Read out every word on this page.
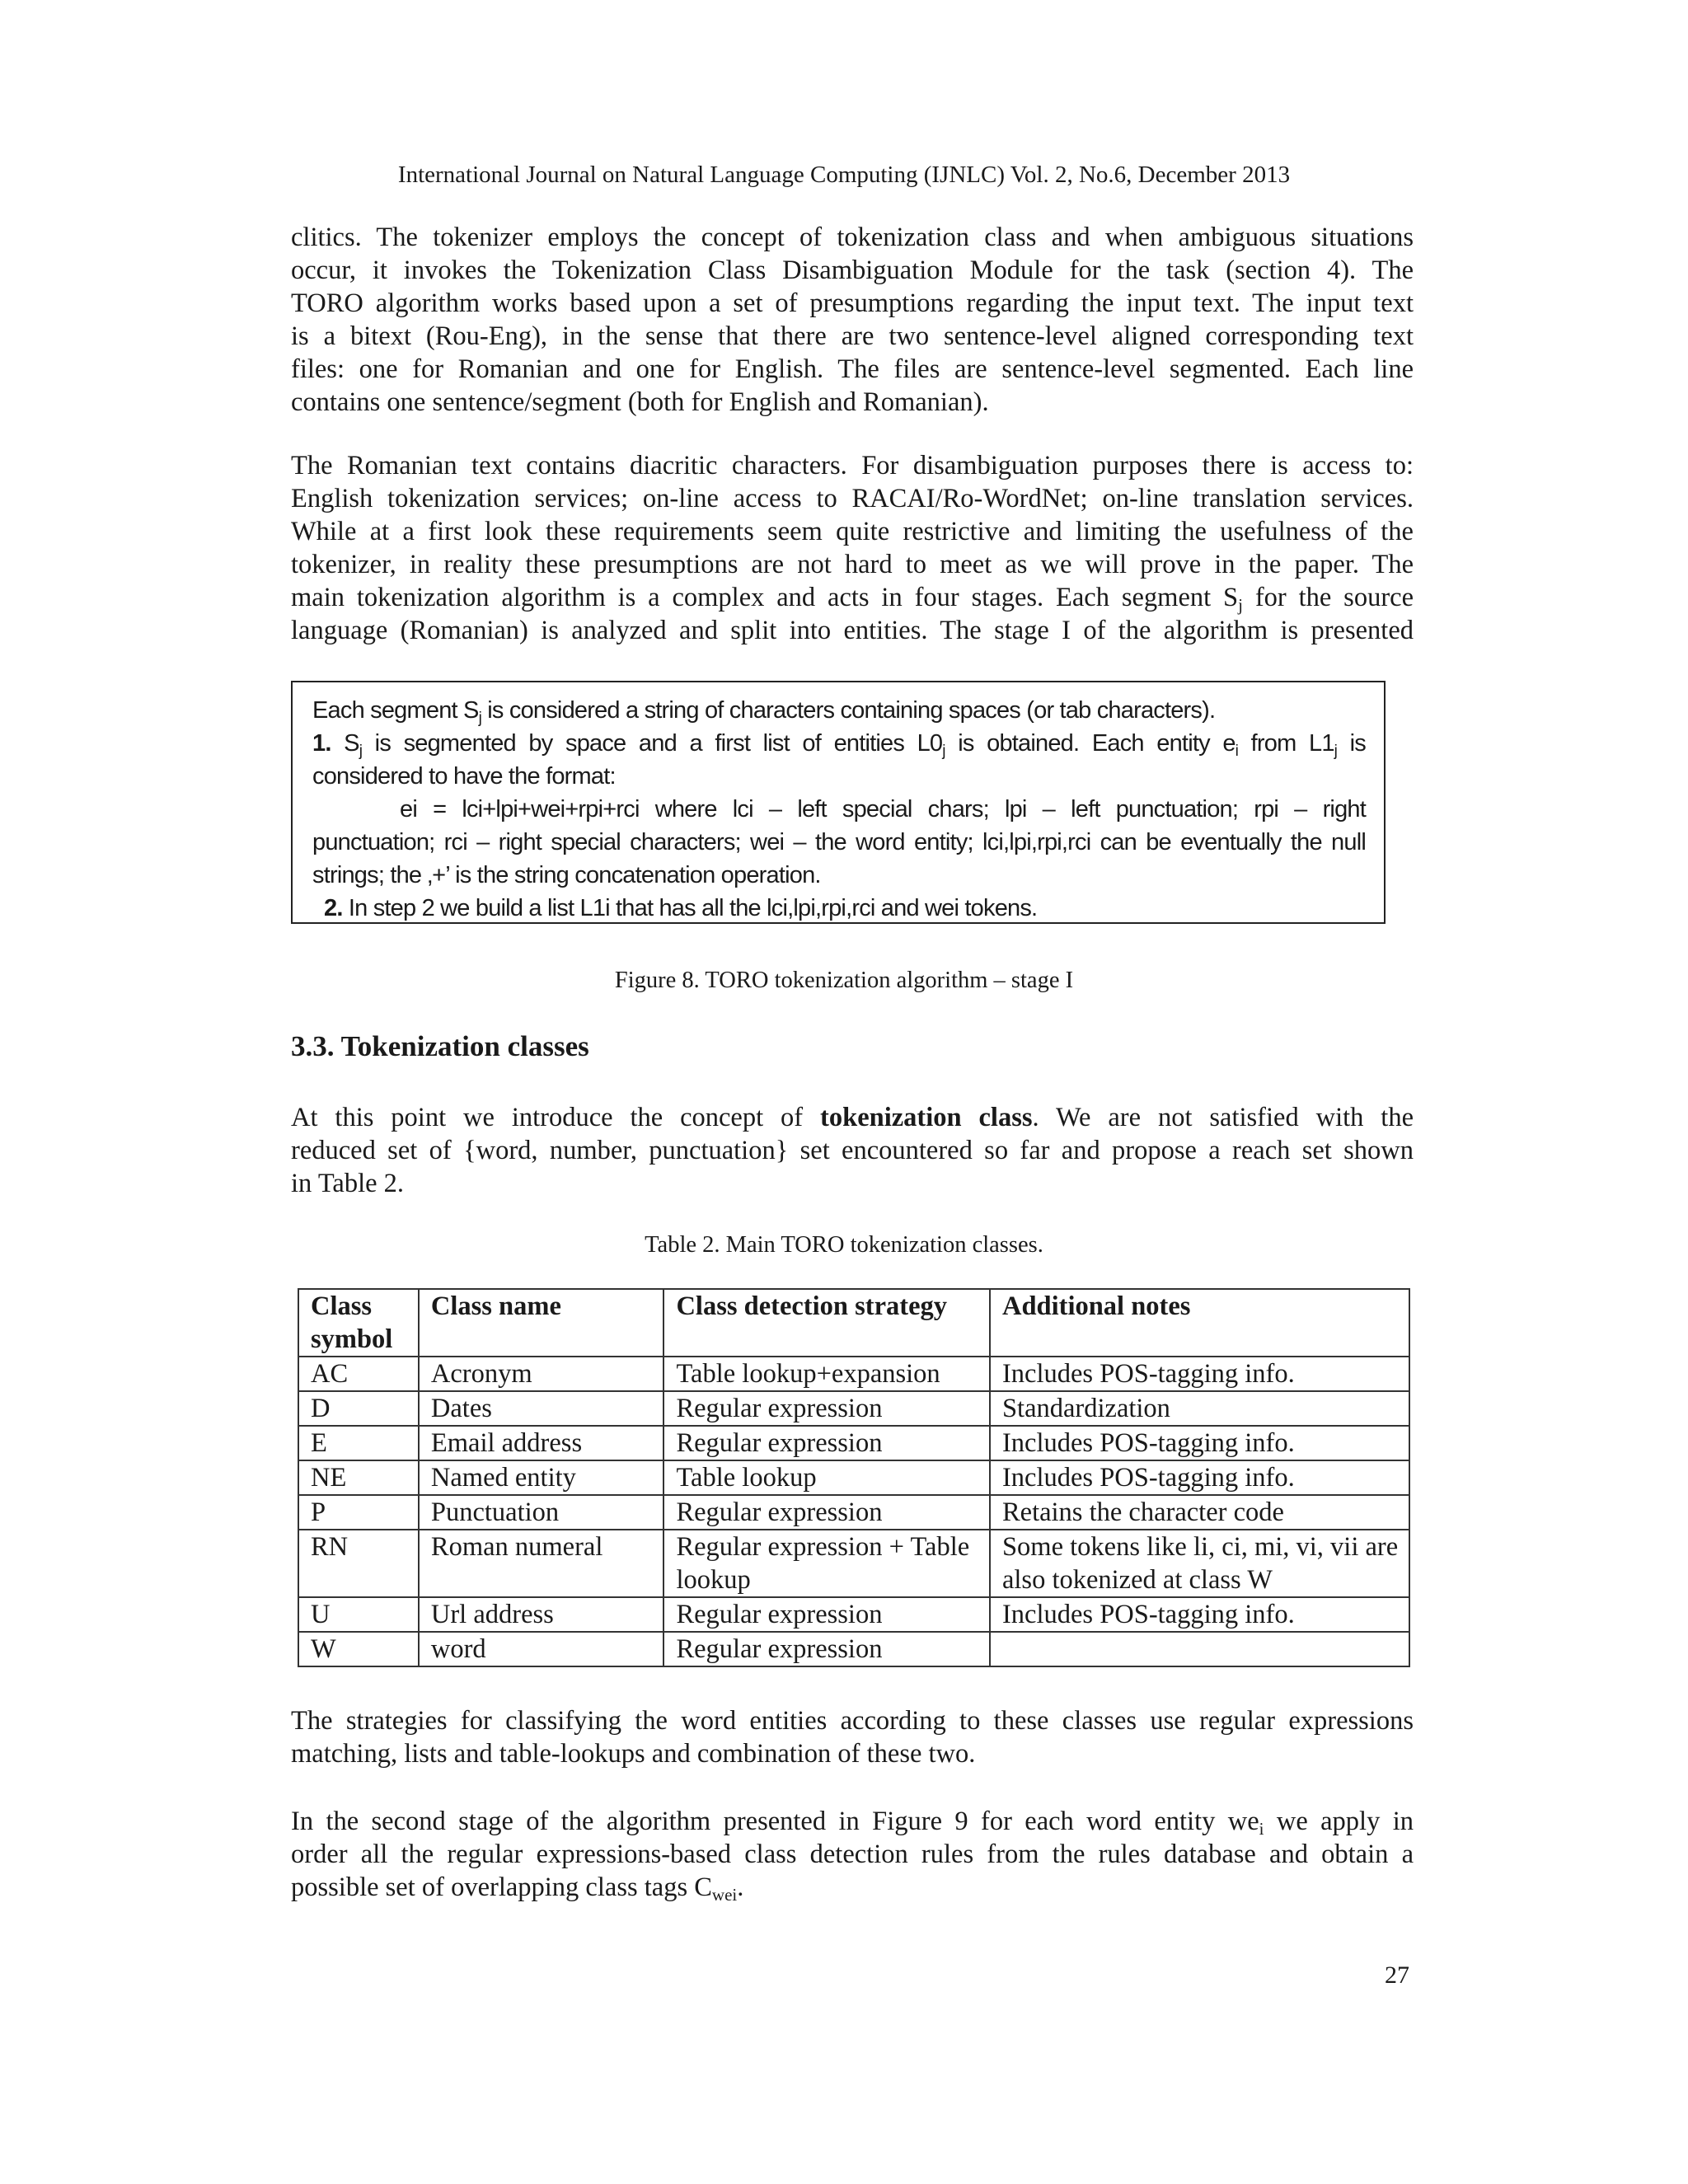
International Journal on Natural Language Computing (IJNLC) Vol. 2, No.6, December 2013
clitics. The tokenizer employs the concept of tokenization class and when ambiguous situations
occur, it invokes the Tokenization Class Disambiguation Module for the task (section 4). The
TORO algorithm works based upon a set of presumptions regarding the input text. The input text
is a bitext (Rou-Eng), in the sense that there are two sentence-level aligned corresponding text
files: one for Romanian and one for English. The files are sentence-level segmented. Each line
contains one sentence/segment (both for English and Romanian).
The Romanian text contains diacritic characters. For disambiguation purposes there is access to:
English tokenization services; on-line access to RACAI/Ro-WordNet; on-line translation services.
While at a first look these requirements seem quite restrictive and limiting the usefulness of the
tokenizer, in reality these presumptions are not hard to meet as we will prove in the paper. The
main tokenization algorithm is a complex and acts in four stages. Each segment $S_j$ for the source
language (Romanian) is analyzed and split into entities. The stage I of the algorithm is presented
Each segment $S_j$ is considered a string of characters containing spaces (or tab characters).
1. $S_j$ is segmented by space and a first list of entities $L0_j$ is obtained. Each entity $e_i$ from $L1_j$ is
considered to have the format:
ei = lci+lpi+wei+rpi+rci where lci – left special chars; lpi – left punctuation; rpi – right
punctuation; rci – right special characters; wei – the word entity; lci,lpi,rpi,rci can be eventually the null
strings; the ‚+’ is the string concatenation operation.
2. In step 2 we build a list L1i that has all the lci,lpi,rpi,rci and wei tokens.
Figure 8. TORO tokenization algorithm – stage I
3.3. Tokenization classes
At this point we introduce the concept of tokenization class. We are not satisfied with the
reduced set of {word, number, punctuation} set encountered so far and propose a reach set shown
in Table 2.
Table 2. Main TORO tokenization classes.
Class symbol	Class name	Class detection strategy	Additional notes
AC	Acronym	Table lookup+expansion	Includes POS-tagging info.
D	Dates	Regular expression	Standardization
E	Email address	Regular expression	Includes POS-tagging info.
NE	Named entity	Table lookup	Includes POS-tagging info.
P	Punctuation	Regular expression	Retains the character code
RN	Roman numeral	Regular expression + Table lookup	Some tokens like li, ci, mi, vi, vii are also tokenized at class W
U	Url address	Regular expression	Includes POS-tagging info.
W	word	Regular expression	
The strategies for classifying the word entities according to these classes use regular expressions
matching, lists and table-lookups and combination of these two.
In the second stage of the algorithm presented in Figure 9 for each word entity $we_i$ we apply in
order all the regular expressions-based class detection rules from the rules database and obtain a
possible set of overlapping class tags $C_{wei}$.
27
